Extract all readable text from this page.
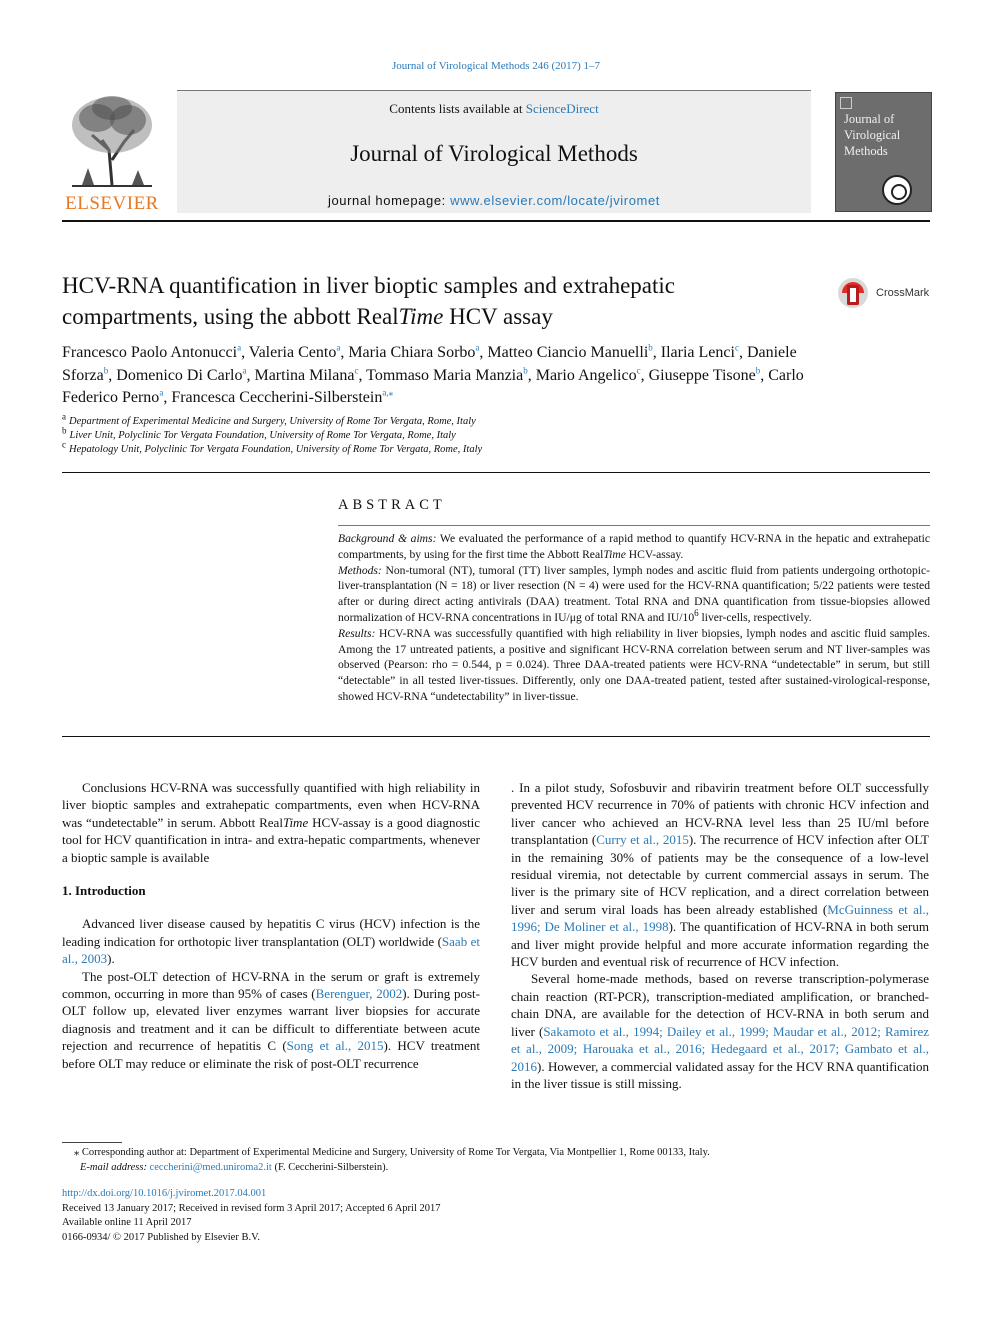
Journal of Virological Methods 246 (2017) 1–7
ELSEVIER
Contents lists available at ScienceDirect
Journal of Virological Methods
journal homepage: www.elsevier.com/locate/jviromet
Journal of
Virological
Methods
HCV-RNA quantification in liver bioptic samples and extrahepatic compartments, using the abbott RealTime HCV assay
CrossMark
Francesco Paolo Antonucci$^a$, Valeria Cento$^a$, Maria Chiara Sorbo$^a$, Matteo Ciancio Manuelli$^b$, Ilaria Lenci$^c$, Daniele Sforza$^b$, Domenico Di Carlo$^a$, Martina Milana$^c$, Tommaso Maria Manzia$^b$, Mario Angelico$^c$, Giuseppe Tisone$^b$, Carlo Federico Perno$^a$, Francesca Ceccherini-Silberstein$^{a,⁎}$
$^a$ Department of Experimental Medicine and Surgery, University of Rome Tor Vergata, Rome, Italy
$^b$ Liver Unit, Polyclinic Tor Vergata Foundation, University of Rome Tor Vergata, Rome, Italy
$^c$ Hepatology Unit, Polyclinic Tor Vergata Foundation, University of Rome Tor Vergata, Rome, Italy
ABSTRACT

Background & aims: We evaluated the performance of a rapid method to quantify HCV-RNA in the hepatic and extrahepatic compartments, by using for the first time the Abbott RealTime HCV-assay.

Methods: Non-tumoral (NT), tumoral (TT) liver samples, lymph nodes and ascitic fluid from patients undergoing orthotopic-liver-transplantation (N = 18) or liver resection (N = 4) were used for the HCV-RNA quantification; 5/22 patients were tested after or during direct acting antivirals (DAA) treatment. Total RNA and DNA quantification from tissue-biopsies allowed normalization of HCV-RNA concentrations in IU/μg of total RNA and $IU/10^6$ liver-cells, respectively.

Results: HCV-RNA was successfully quantified with high reliability in liver biopsies, lymph nodes and ascitic fluid samples. Among the 17 untreated patients, a positive and significant HCV-RNA correlation between serum and NT liver-samples was observed (Pearson: rho = 0.544, p = 0.024). Three DAA-treated patients were HCV-RNA “undetectable” in serum, but still “detectable” in all tested liver-tissues. Differently, only one DAA-treated patient, tested after sustained-virological-response, showed HCV-RNA “undetectability” in liver-tissue.

Conclusions HCV-RNA was successfully quantified with high reliability in liver bioptic samples and extrahepatic compartments, even when HCV-RNA was “undetectable” in serum. Abbott RealTime HCV-assay is a good diagnostic tool for HCV quantification in intra- and extra-hepatic compartments, whenever a bioptic sample is available

1. Introduction

Advanced liver disease caused by hepatitis C virus (HCV) infection is the leading indication for orthotopic liver transplantation (OLT) worldwide (Saab et al., 2003).

The post-OLT detection of HCV-RNA in the serum or graft is extremely common, occurring in more than 95% of cases (Berenguer, 2002). During post-OLT follow up, elevated liver enzymes warrant liver biopsies for accurate diagnosis and treatment and it can be difficult to differentiate between acute rejection and recurrence of hepatitis C (Song et al., 2015). HCV treatment before OLT may reduce or eliminate the risk of post-OLT recurrence

. In a pilot study, Sofosbuvir and ribavirin treatment before OLT successfully prevented HCV recurrence in 70% of patients with chronic HCV infection and liver cancer who achieved an HCV-RNA level less than 25 IU/ml before transplantation (Curry et al., 2015). The recurrence of HCV infection after OLT in the remaining 30% of patients may be the consequence of a low-level residual viremia, not detectable by current commercial assays in serum. The liver is the primary site of HCV replication, and a direct correlation between liver and serum viral loads has been already established (McGuinness et al., 1996; De Moliner et al., 1998). The quantification of HCV-RNA in both serum and liver might provide helpful and more accurate information regarding the HCV burden and eventual risk of recurrence of HCV infection.

Several home-made methods, based on reverse transcription-polymerase chain reaction (RT-PCR), transcription-mediated amplification, or branched-chain DNA, are available for the detection of HCV-RNA in both serum and liver (Sakamoto et al., 1994; Dailey et al., 1999; Maudar et al., 2012; Ramirez et al., 2009; Harouaka et al., 2016; Hedegaard et al., 2017; Gambato et al., 2016). However, a commercial validated assay for the HCV RNA quantification in the liver tissue is still missing.

⁎ Corresponding author at: Department of Experimental Medicine and Surgery, University of Rome Tor Vergata, Via Montpellier 1, Rome 00133, Italy.

E-mail address: ceccherini@med.uniroma2.it (F. Ceccherini-Silberstein).

http://dx.doi.org/10.1016/j.jviromet.2017.04.001
Received 13 January 2017; Received in revised form 3 April 2017; Accepted 6 April 2017
Available online 11 April 2017
0166-0934/ © 2017 Published by Elsevier B.V.
